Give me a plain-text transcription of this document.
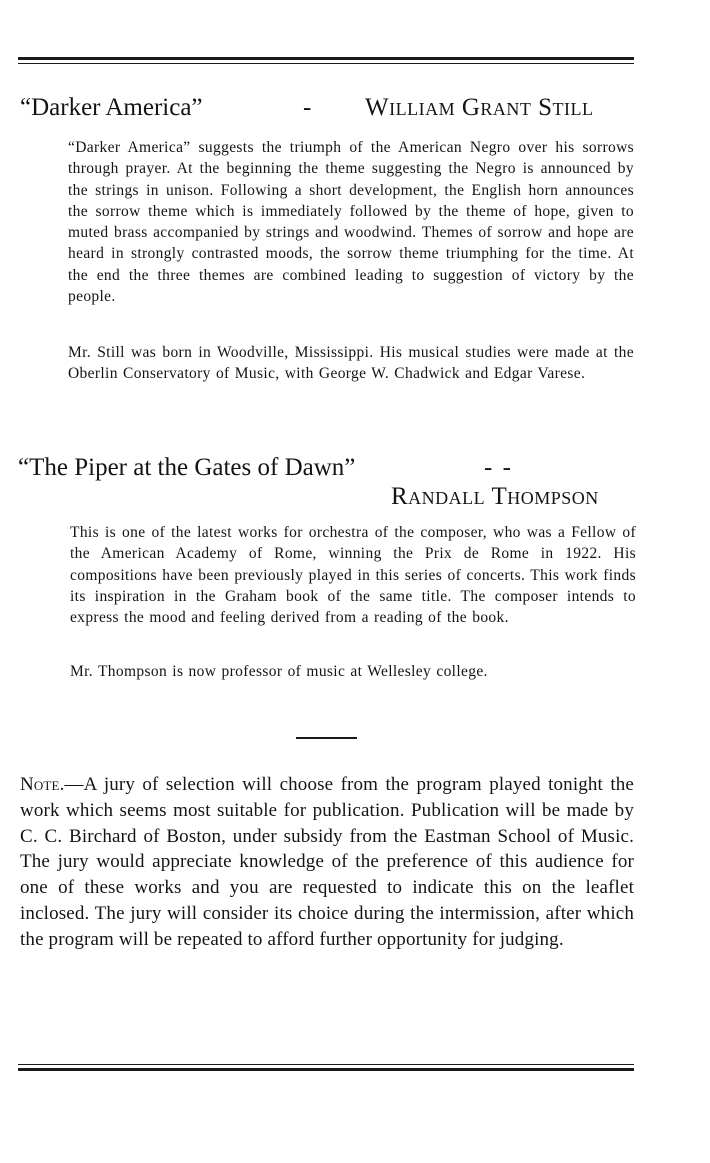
“Darker America”	- William Grant Still

“Darker America” suggests the triumph of the American Negro over his sorrows through prayer. At the beginning the theme suggesting the Negro is announced by the strings in unison. Following a short development, the English horn announces the sorrow theme which is immediately followed by the theme of hope, given to muted brass accompanied by strings and woodwind. Themes of sorrow and hope are heard in strongly contrasted moods, the sorrow theme triumphing for the time. At the end the three themes are combined leading to suggestion of victory by the people.

Mr. Still was born in Woodville, Mississippi. His musical studies were made at the Oberlin Conservatory of Music, with George W. Chadwick and Edgar Varese.

“The Piper at the Gates of Dawn”	- -
Randall Thompson

This is one of the latest works for orchestra of the composer, who was a Fellow of the American Academy of Rome, winning the Prix de Rome in 1922. His compositions have been previously played in this series of concerts. This work finds its inspiration in the Graham book of the same title. The composer intends to express the mood and feeling derived from a reading of the book.

Mr. Thompson is now professor of music at Wellesley college.

Note.—A jury of selection will choose from the program played tonight the work which seems most suitable for publication. Publication will be made by C. C. Birchard of Boston, under subsidy from the Eastman School of Music. The jury would appreciate knowledge of the preference of this audience for one of these works and you are requested to indicate this on the leaflet inclosed. The jury will consider its choice during the intermission, after which the program will be repeated to afford further opportunity for judging.
